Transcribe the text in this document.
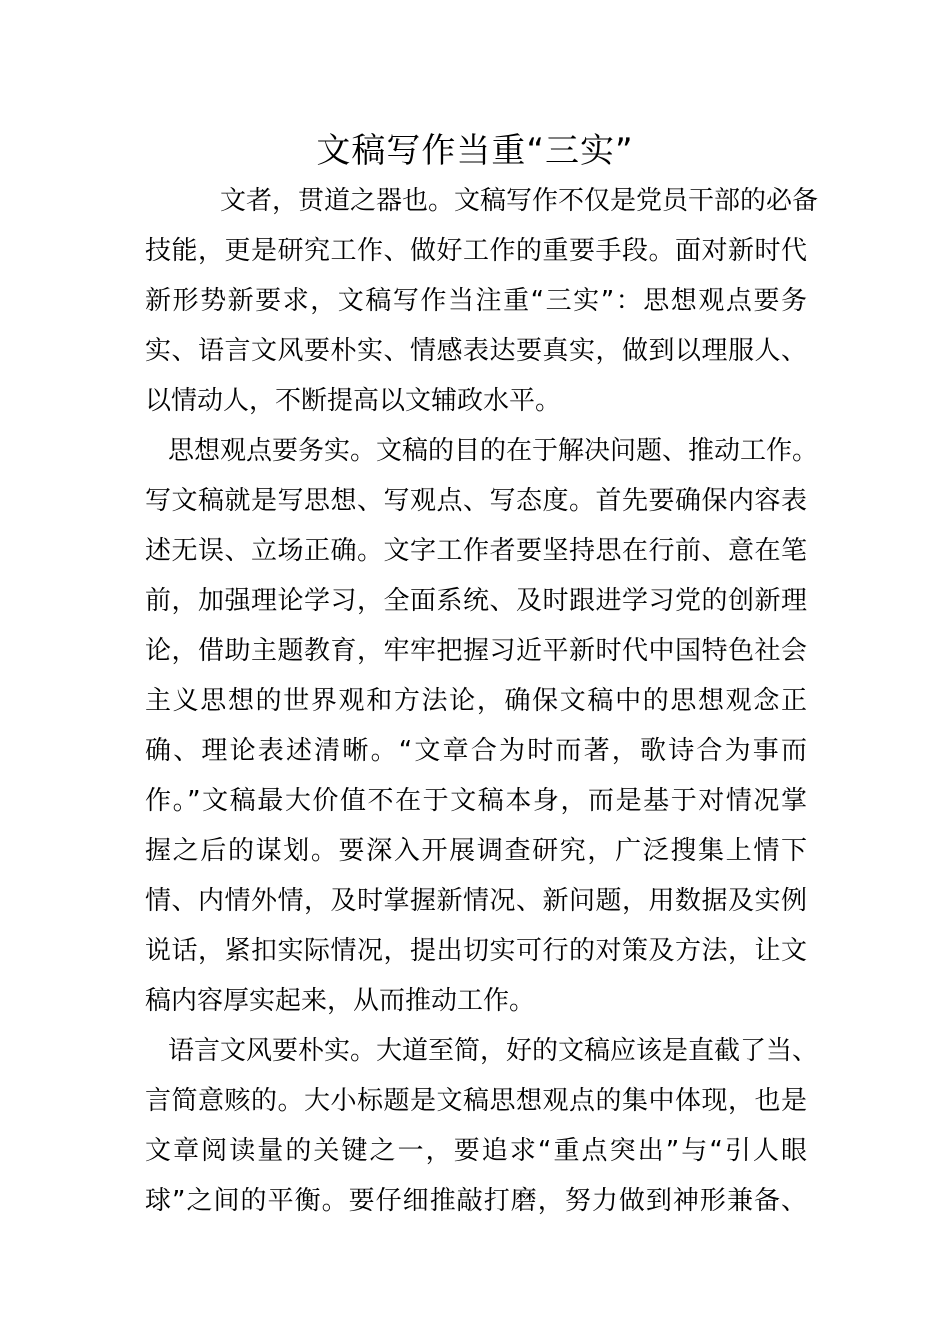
文稿写作当重“三实”
文者，贯道之器也。文稿写作不仅是党员干部的必备
技能，更是研究工作、做好工作的重要手段。面对新时代
新形势新要求，文稿写作当注重“三实”：思想观点要务
实、语言文风要朴实、情感表达要真实，做到以理服人、
以情动人，不断提高以文辅政水平。
思想观点要务实。文稿的目的在于解决问题、推动工作。
写文稿就是写思想、写观点、写态度。首先要确保内容表
述无误、立场正确。文字工作者要坚持思在行前、意在笔
前，加强理论学习，全面系统、及时跟进学习党的创新理
论，借助主题教育，牢牢把握习近平新时代中国特色社会
主义思想的世界观和方法论，确保文稿中的思想观念正
确、理论表述清晰。“文章合为时而著，歌诗合为事而
作。”文稿最大价值不在于文稿本身，而是基于对情况掌
握之后的谋划。要深入开展调查研究，广泛搜集上情下
情、内情外情，及时掌握新情况、新问题，用数据及实例
说话，紧扣实际情况，提出切实可行的对策及方法，让文
稿内容厚实起来，从而推动工作。
语言文风要朴实。大道至简，好的文稿应该是直截了当、
言简意赅的。大小标题是文稿思想观点的集中体现，也是
文章阅读量的关键之一，要追求“重点突出”与“引人眼
球”之间的平衡。要仔细推敲打磨，努力做到神形兼备、
